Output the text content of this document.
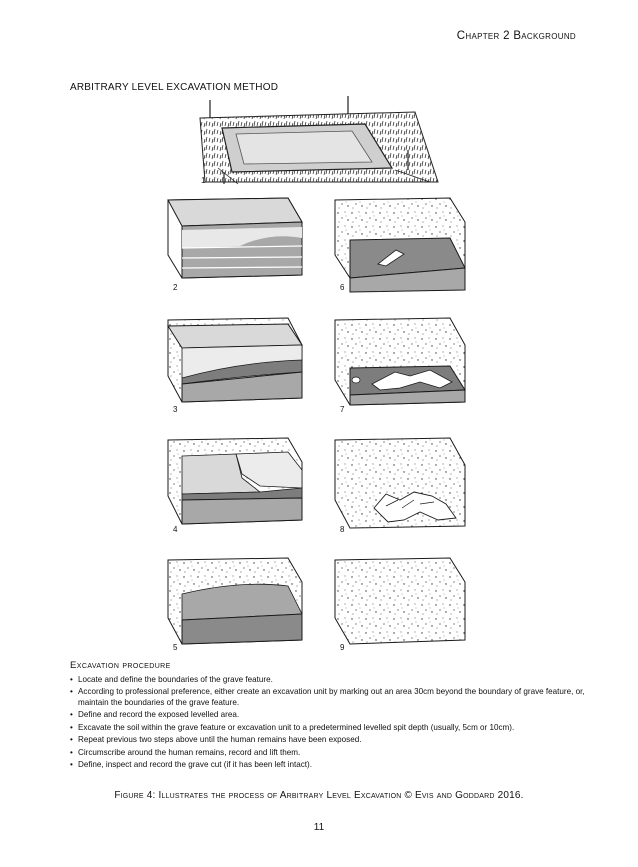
Chapter 2 Background
ARBITRARY LEVEL EXCAVATION METHOD
1
2	6
3	7
4	8
5	9
Excavation procedure
• Locate and define the boundaries of the grave feature.
• According to professional preference, either create an excavation unit by marking out an area 30cm beyond the boundary of grave feature, or, maintain the boundaries of the grave feature.
• Define and record the exposed levelled area.
• Excavate the soil within the grave feature or excavation unit to a predetermined levelled spit depth (usually, 5cm or 10cm).
• Repeat previous two steps above until the human remains have been exposed.
• Circumscribe around the human remains, record and lift them.
• Define, inspect and record the grave cut (if it has been left intact).
Figure 4: Illustrates the process of Arbitrary Level Excavation © Evis and Goddard 2016.
11
